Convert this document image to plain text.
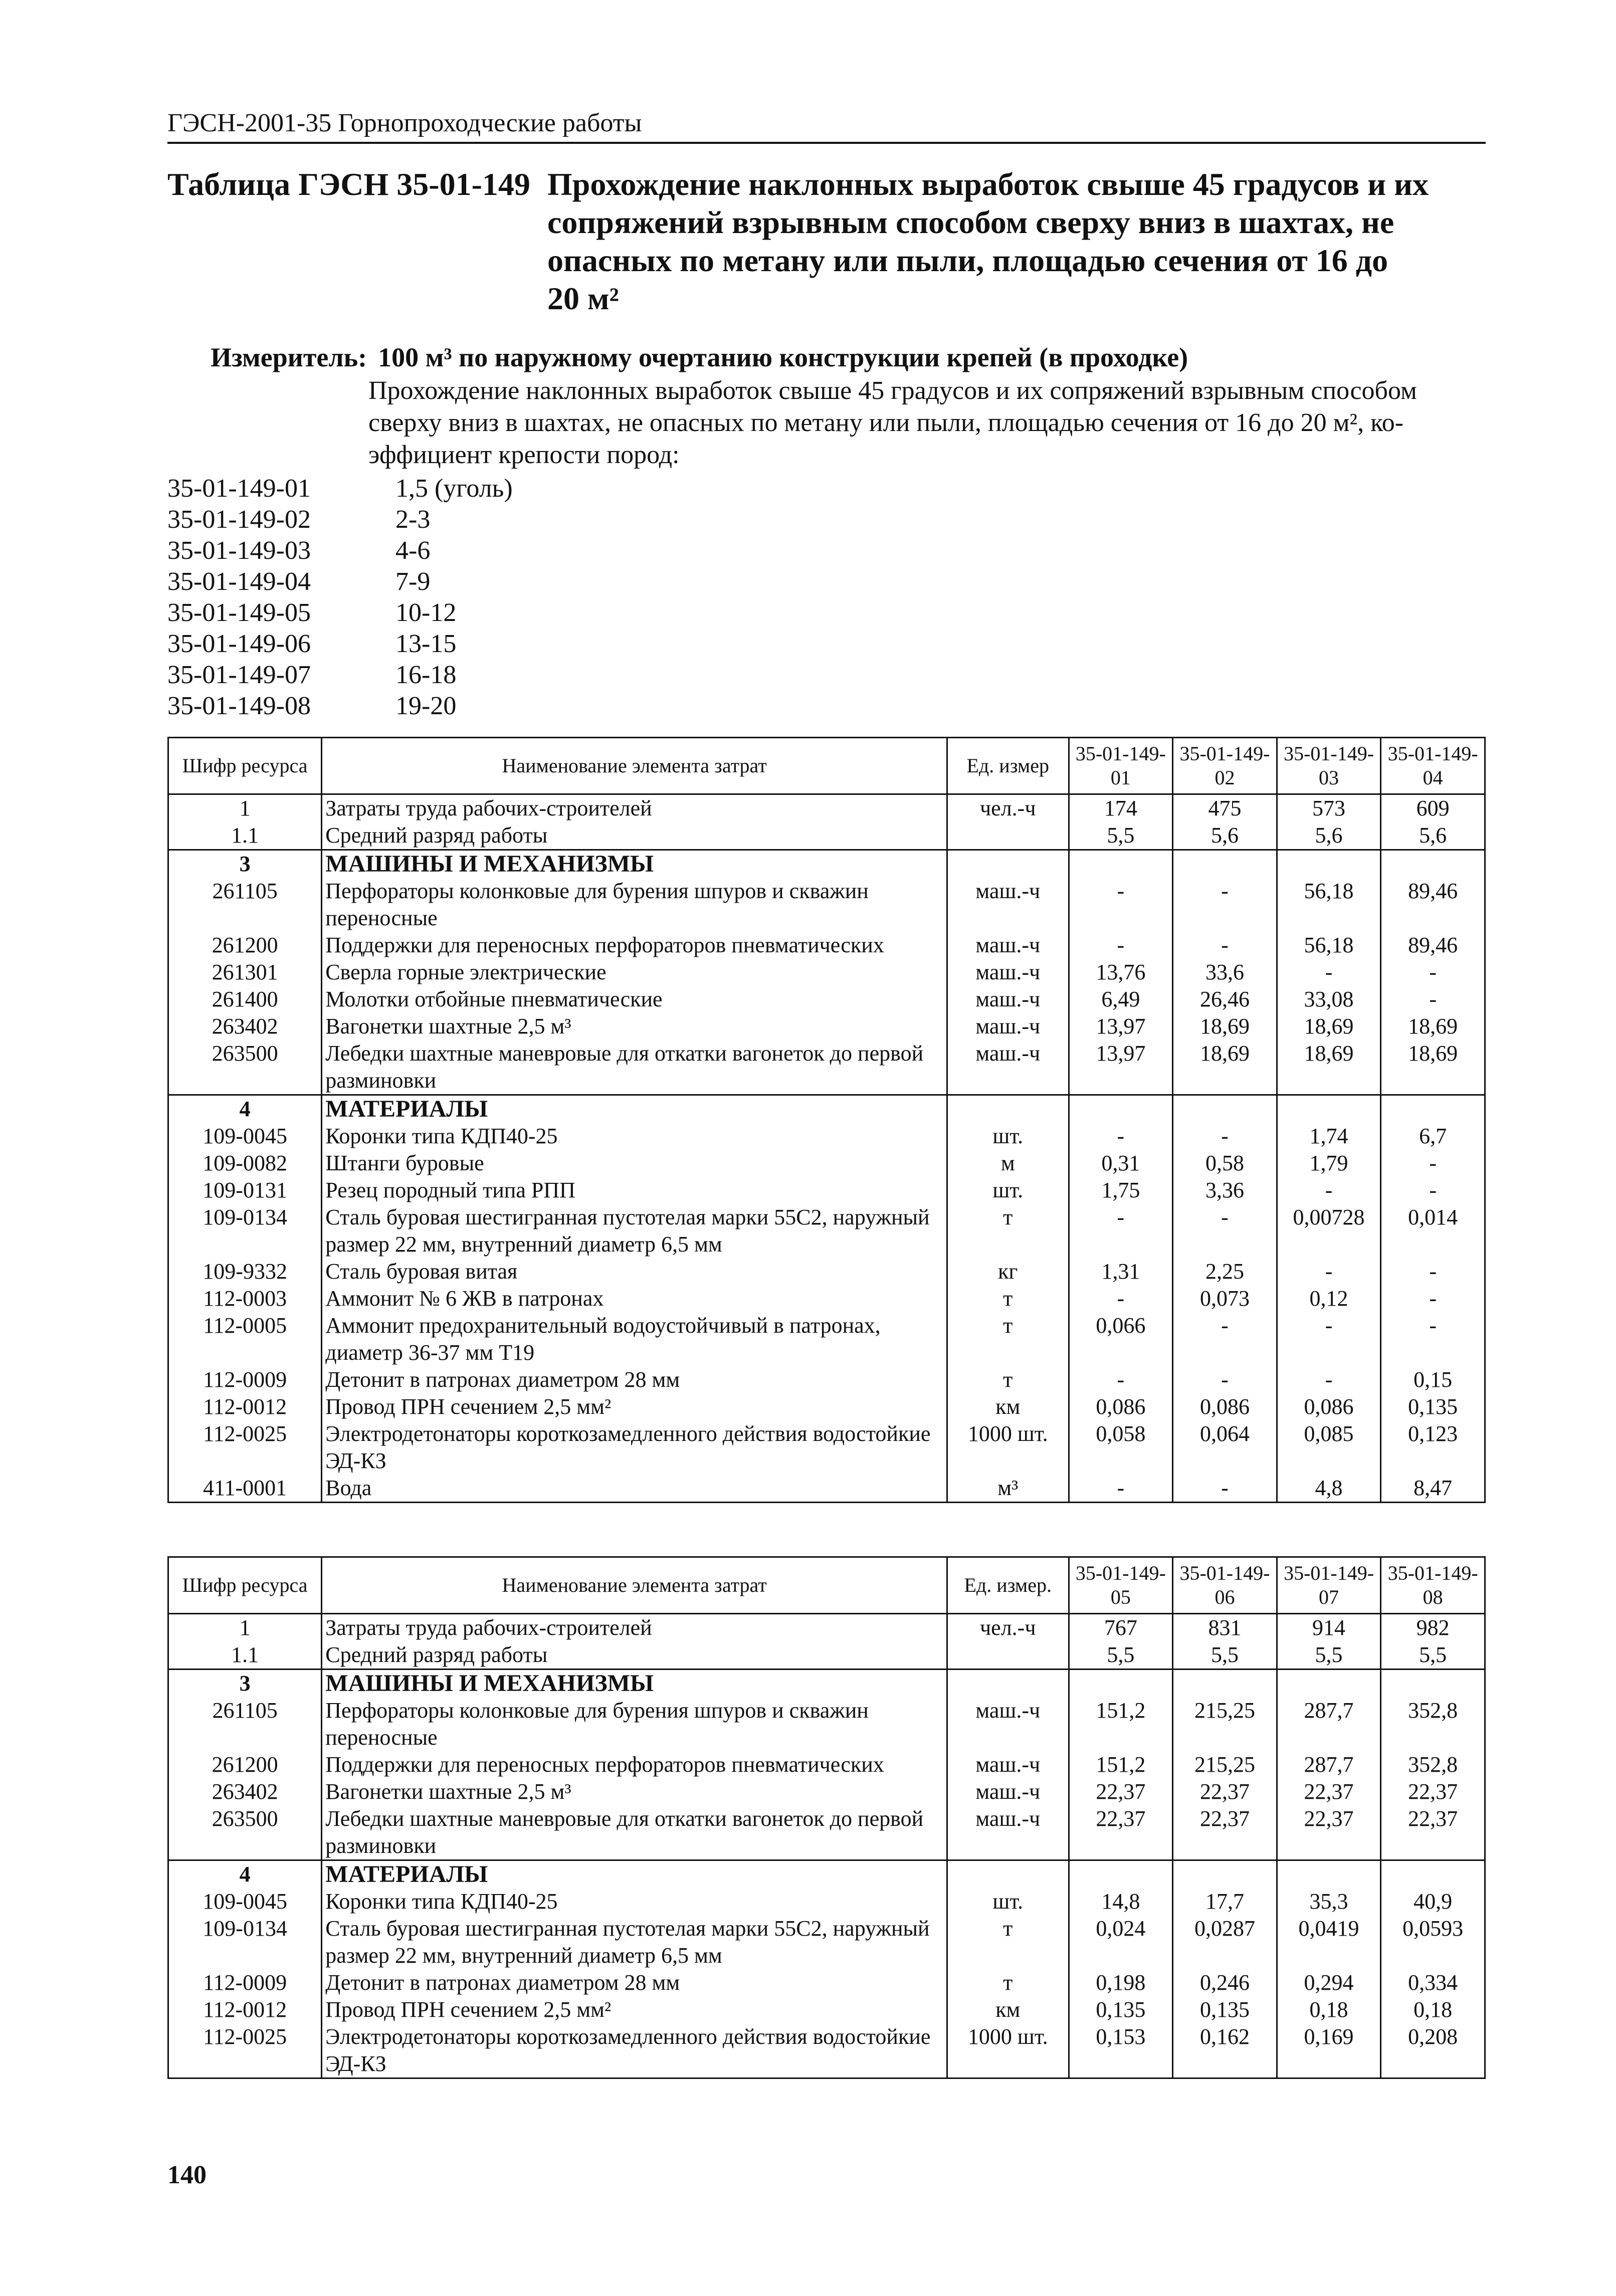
ГЭСН-2001-35 Горнопроходческие работы
Таблица ГЭСН 35-01-149 Прохождение наклонных выработок свыше 45 градусов и их
сопряжений взрывным способом сверху вниз в шахтах, не
опасных по метану или пыли, площадью сечения от 16 до
20 м²
Измеритель: 100 м³ по наружному очертанию конструкции крепей (в проходке)
Прохождение наклонных выработок свыше 45 градусов и их сопряжений взрывным способом
сверху вниз в шахтах, не опасных по метану или пыли, площадью сечения от 16 до 20 м², ко-
эффициент крепости пород:
35-01-149-01	1,5 (уголь)
35-01-149-02	2-3
35-01-149-03	4-6
35-01-149-04	7-9
35-01-149-05	10-12
35-01-149-06	13-15
35-01-149-07	16-18
35-01-149-08	19-20
Шифр ресурса	Наименование элемента затрат	Ед. измер	35-01-149-01	35-01-149-02	35-01-149-03	35-01-149-04
1	Затраты труда рабочих-строителей	чел.-ч	174	475	573	609
1.1	Средний разряд работы		5,5	5,6	5,6	5,6
3	МАШИНЫ И МЕХАНИЗМЫ					
261105	Перфораторы колонковые для бурения шпуров и скважин переносные	маш.-ч	-	-	56,18	89,46
261200	Поддержки для переносных перфораторов пневматических	маш.-ч	-	-	56,18	89,46
261301	Сверла горные электрические	маш.-ч	13,76	33,6	-	-
261400	Молотки отбойные пневматические	маш.-ч	6,49	26,46	33,08	-
263402	Вагонетки шахтные 2,5 м³	маш.-ч	13,97	18,69	18,69	18,69
263500	Лебедки шахтные маневровые для откатки вагонеток до первой разминовки	маш.-ч	13,97	18,69	18,69	18,69
4	МАТЕРИАЛЫ					
109-0045	Коронки типа КДП40-25	шт.	-	-	1,74	6,7
109-0082	Штанги буровые	м	0,31	0,58	1,79	-
109-0131	Резец породный типа РПП	шт.	1,75	3,36	-	-
109-0134	Сталь буровая шестигранная пустотелая марки 55С2, наружный размер 22 мм, внутренний диаметр 6,5 мм	т	-	-	0,00728	0,014
109-9332	Сталь буровая витая	кг	1,31	2,25	-	-
112-0003	Аммонит № 6 ЖВ в патронах	т	-	0,073	0,12	-
112-0005	Аммонит предохранительный водоустойчивый в патронах, диаметр 36-37 мм Т19	т	0,066	-	-	-
112-0009	Детонит в патронах диаметром 28 мм	т	-	-	-	0,15
112-0012	Провод ПРН сечением 2,5 мм²	км	0,086	0,086	0,086	0,135
112-0025	Электродетонаторы короткозамедленного действия водостойкие ЭД-КЗ	1000 шт.	0,058	0,064	0,085	0,123
411-0001	Вода	м³	-	-	4,8	8,47
Шифр ресурса	Наименование элемента затрат	Ед. измер.	35-01-149-05	35-01-149-06	35-01-149-07	35-01-149-08
1	Затраты труда рабочих-строителей	чел.-ч	767	831	914	982
1.1	Средний разряд работы		5,5	5,5	5,5	5,5
3	МАШИНЫ И МЕХАНИЗМЫ					
261105	Перфораторы колонковые для бурения шпуров и скважин переносные	маш.-ч	151,2	215,25	287,7	352,8
261200	Поддержки для переносных перфораторов пневматических	маш.-ч	151,2	215,25	287,7	352,8
263402	Вагонетки шахтные 2,5 м³	маш.-ч	22,37	22,37	22,37	22,37
263500	Лебедки шахтные маневровые для откатки вагонеток до первой разминовки	маш.-ч	22,37	22,37	22,37	22,37
4	МАТЕРИАЛЫ					
109-0045	Коронки типа КДП40-25	шт.	14,8	17,7	35,3	40,9
109-0134	Сталь буровая шестигранная пустотелая марки 55С2, наружный размер 22 мм, внутренний диаметр 6,5 мм	т	0,024	0,0287	0,0419	0,0593
112-0009	Детонит в патронах диаметром 28 мм	т	0,198	0,246	0,294	0,334
112-0012	Провод ПРН сечением 2,5 мм²	км	0,135	0,135	0,18	0,18
112-0025	Электродетонаторы короткозамедленного действия водостойкие ЭД-КЗ	1000 шт.	0,153	0,162	0,169	0,208
140
